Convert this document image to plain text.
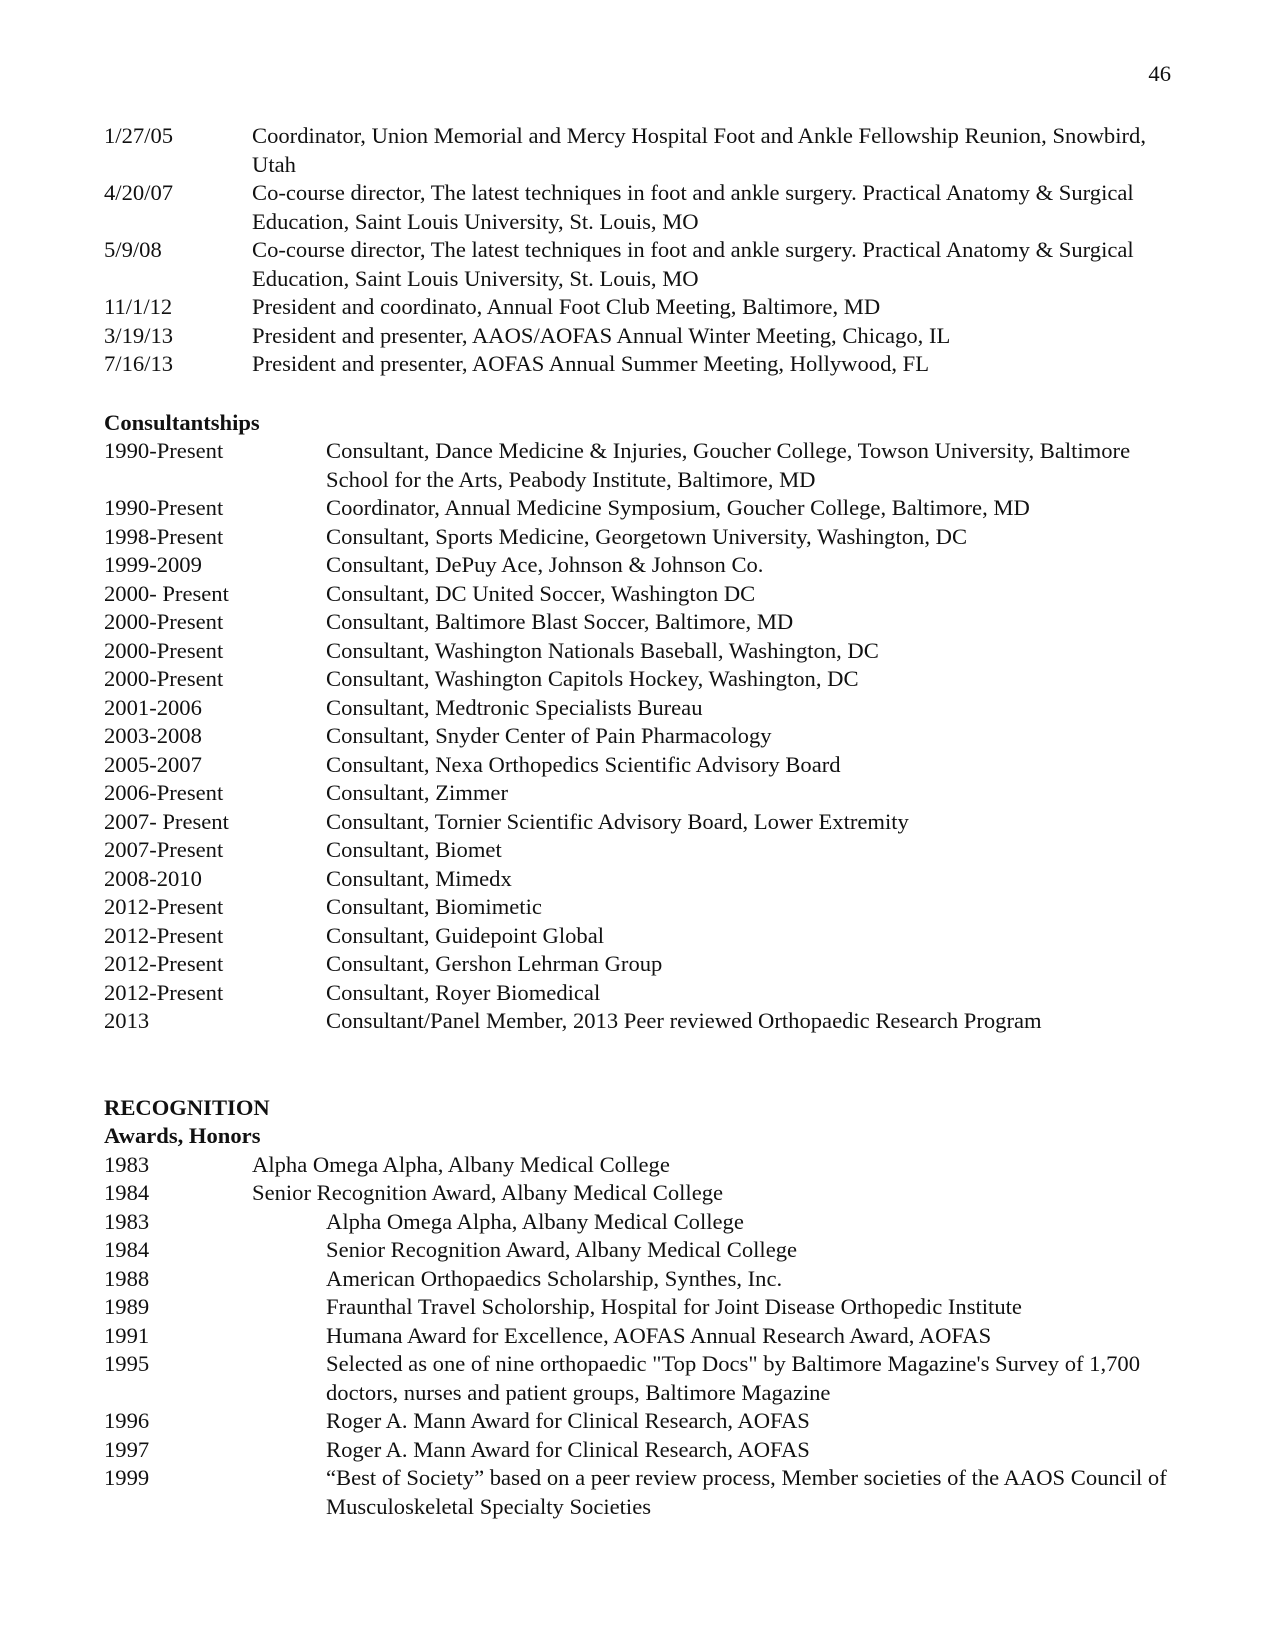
46
1/27/05	Coordinator, Union Memorial and Mercy Hospital Foot and Ankle Fellowship Reunion, Snowbird, Utah
4/20/07	Co-course director, The latest techniques in foot and ankle surgery. Practical Anatomy & Surgical Education, Saint Louis University, St. Louis, MO
5/9/08	Co-course director, The latest techniques in foot and ankle surgery. Practical Anatomy & Surgical Education, Saint Louis University, St. Louis, MO
11/1/12	President and coordinato, Annual Foot Club Meeting, Baltimore, MD
3/19/13	President and presenter, AAOS/AOFAS Annual Winter Meeting, Chicago, IL
7/16/13	President and presenter, AOFAS Annual Summer Meeting, Hollywood, FL
Consultantships
1990-Present	Consultant, Dance Medicine & Injuries, Goucher College, Towson University, Baltimore School for the Arts, Peabody Institute, Baltimore, MD
1990-Present	Coordinator, Annual Medicine Symposium, Goucher College, Baltimore, MD
1998-Present	Consultant, Sports Medicine, Georgetown University, Washington, DC
1999-2009	Consultant, DePuy Ace, Johnson & Johnson Co.
2000- Present	Consultant, DC United Soccer, Washington DC
2000-Present	Consultant, Baltimore Blast Soccer, Baltimore, MD
2000-Present	Consultant, Washington Nationals Baseball, Washington, DC
2000-Present	Consultant, Washington Capitols Hockey, Washington, DC
2001-2006	Consultant, Medtronic Specialists Bureau
2003-2008	Consultant, Snyder Center of Pain Pharmacology
2005-2007	Consultant, Nexa Orthopedics Scientific Advisory Board
2006-Present	Consultant, Zimmer
2007- Present	Consultant, Tornier Scientific Advisory Board, Lower Extremity
2007-Present	Consultant, Biomet
2008-2010	Consultant, Mimedx
2012-Present	Consultant, Biomimetic
2012-Present	Consultant, Guidepoint Global
2012-Present	Consultant, Gershon Lehrman Group
2012-Present	Consultant, Royer Biomedical
2013	Consultant/Panel Member, 2013 Peer reviewed Orthopaedic Research Program
RECOGNITION
Awards, Honors
1983	Alpha Omega Alpha, Albany Medical College
1984	Senior Recognition Award, Albany Medical College
1983	Alpha Omega Alpha, Albany Medical College
1984	Senior Recognition Award, Albany Medical College
1988	American Orthopaedics Scholarship, Synthes, Inc.
1989	Fraunthal Travel Scholorship, Hospital for Joint Disease Orthopedic Institute
1991	Humana Award for Excellence, AOFAS Annual Research Award, AOFAS
1995	Selected as one of nine orthopaedic "Top Docs" by Baltimore Magazine's Survey of 1,700 doctors, nurses and patient groups, Baltimore Magazine
1996	Roger A. Mann Award for Clinical Research, AOFAS
1997	Roger A. Mann Award for Clinical Research, AOFAS
1999	“Best of Society” based on a peer review process, Member societies of the AAOS Council of Musculoskeletal Specialty Societies
